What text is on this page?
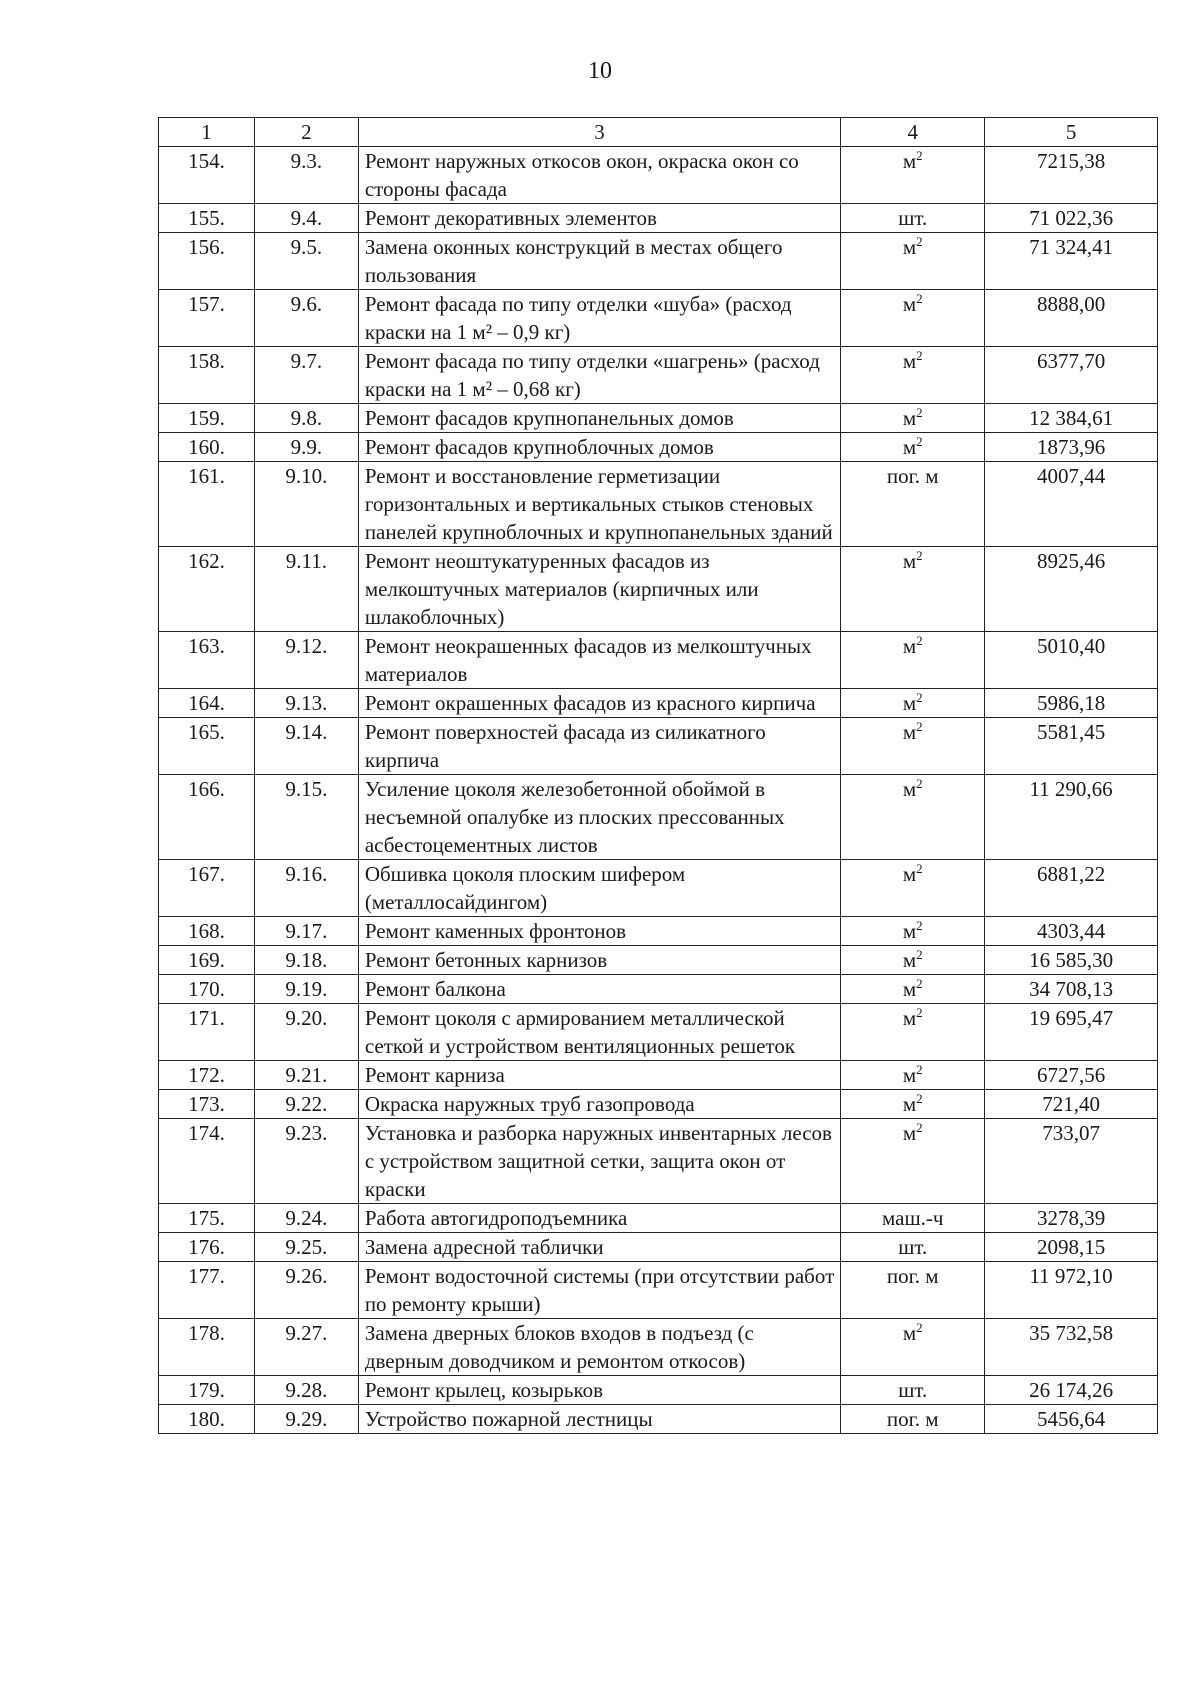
10
1	2	3	4	5
154.	9.3.	Ремонт наружных откосов окон, окраска окон со стороны фасада	$м^2$	7215,38
155.	9.4.	Ремонт декоративных элементов	шт.	71 022,36
156.	9.5.	Замена оконных конструкций в местах общего пользования	$м^2$	71 324,41
157.	9.6.	Ремонт фасада по типу отделки «шуба» (расход краски на 1 м² – 0,9 кг)	$м^2$	8888,00
158.	9.7.	Ремонт фасада по типу отделки «шагрень» (расход краски на 1 м² – 0,68 кг)	$м^2$	6377,70
159.	9.8.	Ремонт фасадов крупнопанельных домов	$м^2$	12 384,61
160.	9.9.	Ремонт фасадов крупноблочных домов	$м^2$	1873,96
161.	9.10.	Ремонт и восстановление герметизации горизонтальных и вертикальных стыков стеновых панелей крупноблочных и крупнопанельных зданий	пог. м	4007,44
162.	9.11.	Ремонт неоштукатуренных фасадов из мелкоштучных материалов (кирпичных или шлакоблочных)	$м^2$	8925,46
163.	9.12.	Ремонт неокрашенных фасадов из мелкоштучных материалов	$м^2$	5010,40
164.	9.13.	Ремонт окрашенных фасадов из красного кирпича	$м^2$	5986,18
165.	9.14.	Ремонт поверхностей фасада из силикатного кирпича	$м^2$	5581,45
166.	9.15.	Усиление цоколя железобетонной обоймой в несъемной опалубке из плоских прессованных асбестоцементных листов	$м^2$	11 290,66
167.	9.16.	Обшивка цоколя плоским шифером (металлосайдингом)	$м^2$	6881,22
168.	9.17.	Ремонт каменных фронтонов	$м^2$	4303,44
169.	9.18.	Ремонт бетонных карнизов	$м^2$	16 585,30
170.	9.19.	Ремонт балкона	$м^2$	34 708,13
171.	9.20.	Ремонт цоколя с армированием металлической сеткой и устройством вентиляционных решеток	$м^2$	19 695,47
172.	9.21.	Ремонт карниза	$м^2$	6727,56
173.	9.22.	Окраска наружных труб газопровода	$м^2$	721,40
174.	9.23.	Установка и разборка наружных инвентарных лесов с устройством защитной сетки, защита окон от краски	$м^2$	733,07
175.	9.24.	Работа автогидроподъемника	маш.-ч	3278,39
176.	9.25.	Замена адресной таблички	шт.	2098,15
177.	9.26.	Ремонт водосточной системы (при отсутствии работ по ремонту крыши)	пог. м	11 972,10
178.	9.27.	Замена дверных блоков входов в подъезд (с дверным доводчиком и ремонтом откосов)	$м^2$	35 732,58
179.	9.28.	Ремонт крылец, козырьков	шт.	26 174,26
180.	9.29.	Устройство пожарной лестницы	пог. м	5456,64
